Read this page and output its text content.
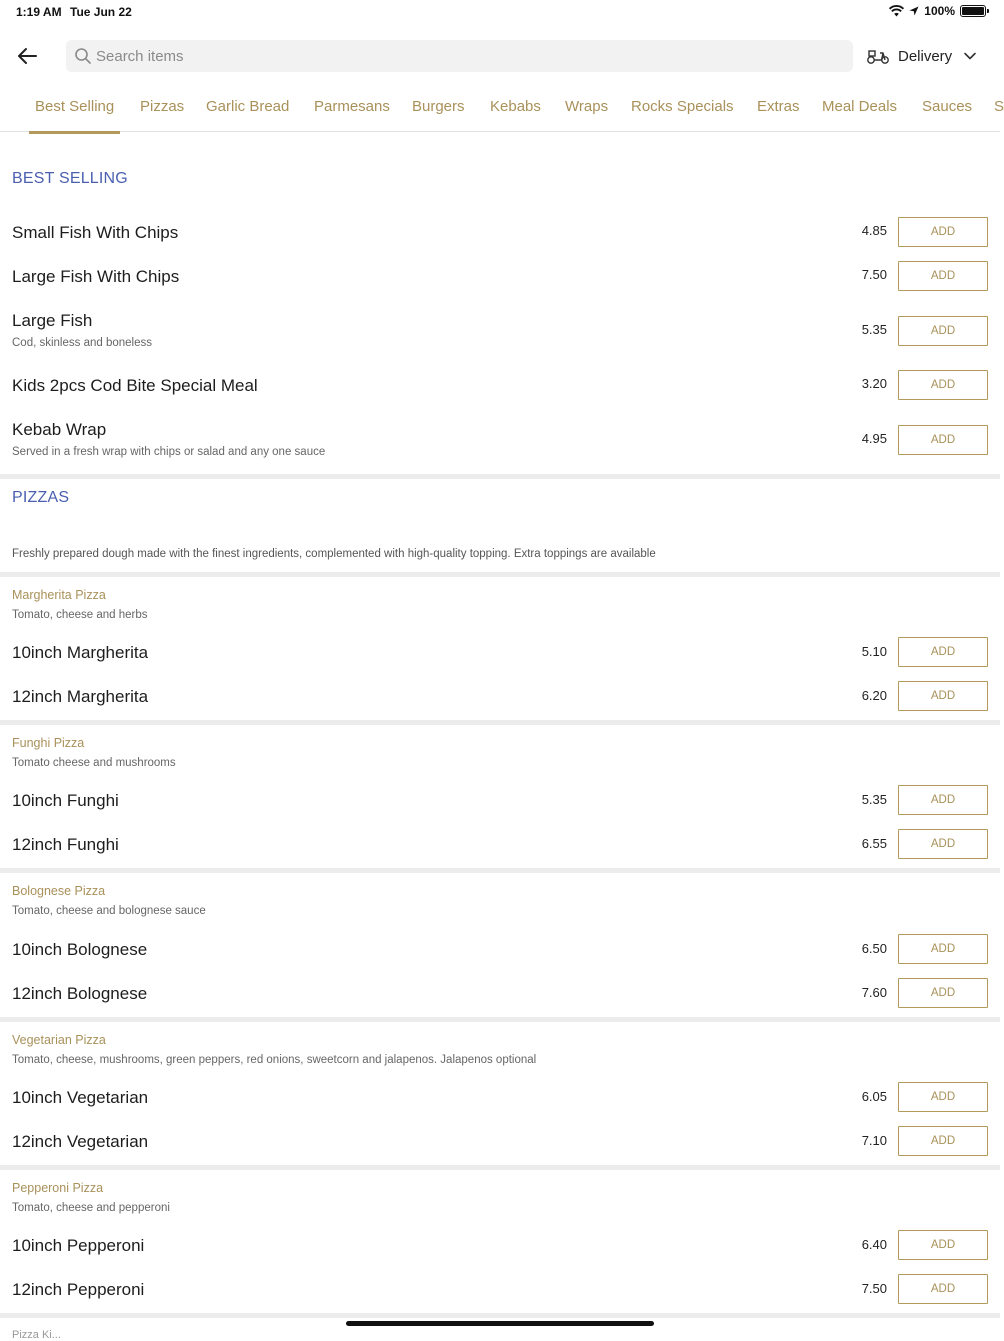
1:19 AM Tue Jun 22	100%
Search items
Delivery
Best Selling Pizzas Garlic Bread Parmesans Burgers Kebabs Wraps Rocks Specials Extras Meal Deals Sauces S
BEST SELLING
Small Fish With Chips	4.85	ADD
Large Fish With Chips	7.50	ADD
Large Fish
Cod, skinless and boneless
5.35	ADD
Kids 2pcs Cod Bite Special Meal	3.20	ADD
Kebab Wrap
Served in a fresh wrap with chips or salad and any one sauce
4.95	ADD
PIZZAS
Freshly prepared dough made with the finest ingredients, complemented with high-quality topping. Extra toppings are available
Margherita Pizza
Tomato, cheese and herbs
10inch Margherita	5.10	ADD
12inch Margherita	6.20	ADD
Funghi Pizza
Tomato cheese and mushrooms
10inch Funghi	5.35	ADD
12inch Funghi	6.55	ADD
Bolognese Pizza
Tomato, cheese and bolognese sauce
10inch Bolognese	6.50	ADD
12inch Bolognese	7.60	ADD
Vegetarian Pizza
Tomato, cheese, mushrooms, green peppers, red onions, sweetcorn and jalapenos. Jalapenos optional
10inch Vegetarian	6.05	ADD
12inch Vegetarian	7.10	ADD
Pepperoni Pizza
Tomato, cheese and pepperoni
10inch Pepperoni	6.40	ADD
12inch Pepperoni	7.50	ADD
Pizza Ki...
